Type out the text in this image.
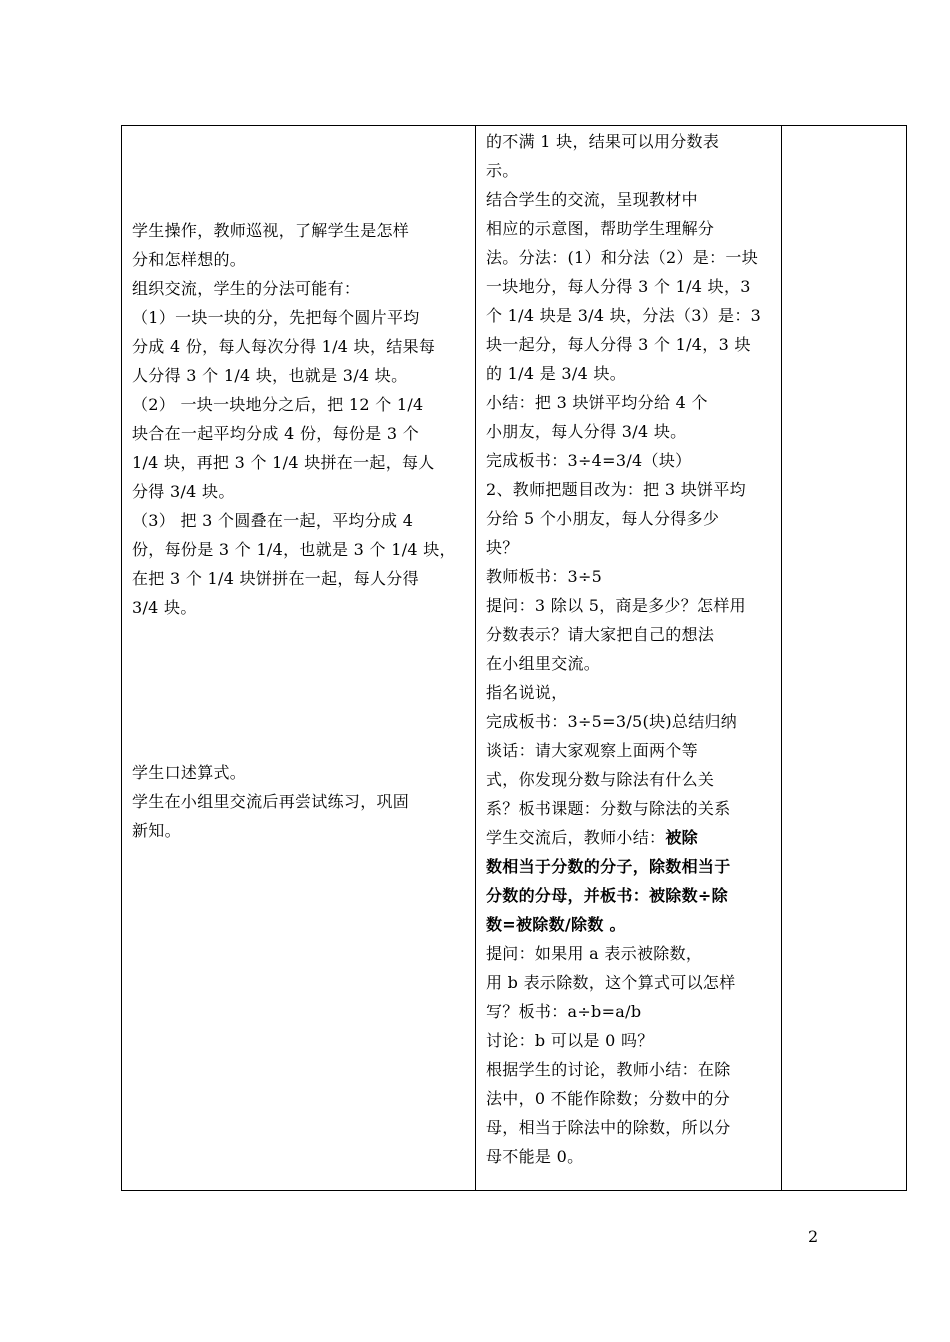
学生操作，教师巡视，了解学生是怎样
分和怎样想的。
组织交流，学生的分法可能有：
（1）一块一块的分，先把每个圆片平均
分成 4 份，每人每次分得 1/4 块，结果每
人分得 3 个 1/4 块，也就是 3/4 块。
（2） 一块一块地分之后，把 12 个 1/4
块合在一起平均分成 4 份，每份是 3 个
1/4 块，再把 3 个 1/4 块拼在一起，每人
分得 3/4 块。
（3） 把 3 个圆叠在一起，平均分成 4
份，每份是 3 个 1/4，也就是 3 个 1/4 块，
在把 3 个 1/4 块饼拼在一起，每人分得
3/4 块。
学生口述算式。
学生在小组里交流后再尝试练习，巩固
新知。

的不满 1 块，结果可以用分数表
示。
结合学生的交流，呈现教材中
相应的示意图，帮助学生理解分
法。分法：(1）和分法（2）是：一块
一块地分，每人分得 3 个 1/4 块，3
个 1/4 块是 3/4 块，分法（3）是：3
块一起分，每人分得 3 个 1/4，3 块
的 1/4 是 3/4 块。
小结：把 3 块饼平均分给 4 个
小朋友，每人分得 3/4 块。
完成板书：3÷4=3/4（块）
2、教师把题目改为：把 3 块饼平均
分给 5 个小朋友，每人分得多少
块？
教师板书：3÷5
提问：3 除以 5，商是多少？怎样用
分数表示？请大家把自己的想法
在小组里交流。
指名说说，
完成板书：3÷5=3/5(块)总结归纳
谈话：请大家观察上面两个等
式，你发现分数与除法有什么关
系？板书课题：分数与除法的关系
学生交流后，教师小结：被除
数相当于分数的分子，除数相当于
分数的分母，并板书：被除数÷除
数=被除数/除数 。
提问：如果用 a 表示被除数，
用 b 表示除数，这个算式可以怎样
写？板书：a÷b=a/b
讨论：b 可以是 0 吗？
根据学生的讨论，教师小结：在除
法中，0 不能作除数；分数中的分
母，相当于除法中的除数，所以分
母不能是 0。

2
